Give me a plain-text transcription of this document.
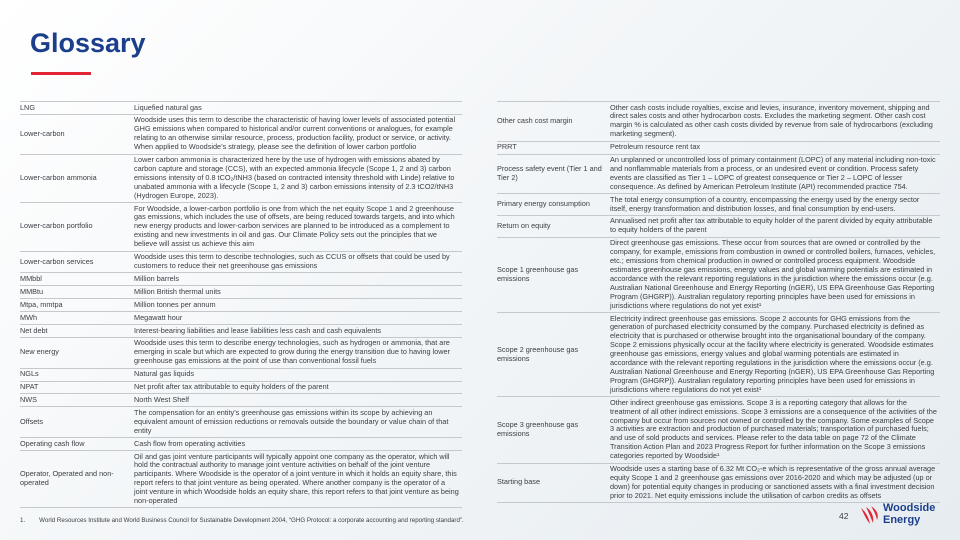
Glossary
LNG	Liquefied natural gas
Lower-carbon	Woodside uses this term to describe the characteristic of having lower levels of associated potential GHG emissions when compared to historical and/or current conventions or analogues, for example relating to an otherwise similar resource, process, production facility, product or service, or activity. When applied to Woodside’s strategy, please see the definition of lower carbon portfolio
Lower-carbon ammonia	Lower carbon ammonia is characterized here by the use of hydrogen with emissions abated by carbon capture and storage (CCS), with an expected ammonia lifecycle (Scope 1, 2 and 3) carbon emissions intensity of 0.8 tCO₂/tNH3 (based on contracted intensity threshold with Linde) relative to unabated ammonia with a lifecycle (Scope 1, 2 and 3) carbon emissions intensity of 2.3 tCO2/tNH3 (Hydrogen Europe, 2023).
Lower-carbon portfolio	For Woodside, a lower-carbon portfolio is one from which the net equity Scope 1 and 2 greenhouse gas emissions, which includes the use of offsets, are being reduced towards targets, and into which new energy products and lower-carbon services are planned to be introduced as a complement to existing and new investments in oil and gas. Our Climate Policy sets out the principles that we believe will assist us achieve this aim
Lower-carbon services	Woodside uses this term to describe technologies, such as CCUS or offsets that could be used by customers to reduce their net greenhouse gas emissions
MMbbl	Million barrels
MMBtu	Million British thermal units
Mtpa, mmtpa	Million tonnes per annum
MWh	Megawatt hour
Net debt	Interest-bearing liabilities and lease liabilities less cash and cash equivalents
New energy	Woodside uses this term to describe energy technologies, such as hydrogen or ammonia, that are emerging in scale but which are expected to grow during the energy transition due to having lower greenhouse gas emissions at the point of use than conventional fossil fuels
NGLs	Natural gas liquids
NPAT	Net profit after tax attributable to equity holders of the parent
NWS	North West Shelf
Offsets	The compensation for an entity’s greenhouse gas emissions within its scope by achieving an equivalent amount of emission reductions or removals outside the boundary or value chain of that entity
Operating cash flow	Cash flow from operating activities
Operator, Operated and non-operated	Oil and gas joint venture participants will typically appoint one company as the operator, which will hold the contractual authority to manage joint venture activities on behalf of the joint venture participants. Where Woodside is the operator of a joint venture in which it holds an equity share, this report refers to that joint venture as being operated. Where another company is the operator of a joint venture in which Woodside holds an equity share, this report refers to that joint venture as being non-operated
Other cash cost margin	Other cash costs include royalties, excise and levies, insurance, inventory movement, shipping and direct sales costs and other hydrocarbon costs. Excludes the marketing segment. Other cash cost margin % is calculated as other cash costs divided by revenue from sale of hydrocarbons (excluding marketing segment).
PRRT	Petroleum resource rent tax
Process safety event (Tier 1 and Tier 2)	An unplanned or uncontrolled loss of primary containment (LOPC) of any material including non-toxic and nonflammable materials from a process, or an undesired event or condition. Process safety events are classified as Tier 1 – LOPC of greatest consequence or Tier 2 – LOPC of lesser consequence. As defined by American Petroleum Institute (API) recommended practice 754.
Primary energy consumption	The total energy consumption of a country, encompassing the energy used by the energy sector itself, energy transformation and distribution losses, and final consumption by end-users.
Return on equity	Annualised net profit after tax attributable to equity holder of the parent divided by equity attributable to equity holders of the parent
Scope 1 greenhouse gas emissions	Direct greenhouse gas emissions. These occur from sources that are owned or controlled by the company, for example, emissions from combustion in owned or controlled boilers, furnaces, vehicles, etc.; emissions from chemical production in owned or controlled process equipment. Woodside estimates greenhouse gas emissions, energy values and global warming potentials are estimated in accordance with the relevant reporting regulations in the jurisdiction where the emissions occur (e.g. Australian National Greenhouse and Energy Reporting (nGER), US EPA Greenhouse Gas Reporting Program (GHGRP)). Australian regulatory reporting principles have been used for emissions in jurisdictions where regulations do not yet exist¹
Scope 2 greenhouse gas emissions	Electricity indirect greenhouse gas emissions. Scope 2 accounts for GHG emissions from the generation of purchased electricity consumed by the company. Purchased electricity is defined as electricity that is purchased or otherwise brought into the organisational boundary of the company. Scope 2 emissions physically occur at the facility where electricity is generated. Woodside estimates greenhouse gas emissions, energy values and global warming potentials are estimated in accordance with the relevant reporting regulations in the jurisdiction where the emissions occur (e.g. Australian National Greenhouse and Energy Reporting (nGER), US EPA Greenhouse Gas Reporting Program (GHGRP)). Australian regulatory reporting principles have been used for emissions in jurisdictions where regulations do not yet exist¹
Scope 3 greenhouse gas emissions	Other indirect greenhouse gas emissions. Scope 3 is a reporting category that allows for the treatment of all other indirect emissions. Scope 3 emissions are a consequence of the activities of the company but occur from sources not owned or controlled by the company. Some examples of Scope 3 activities are extraction and production of purchased materials; transportation of purchased fuels; and use of sold products and services. Please refer to the data table on page 72 of the Climate Transition Action Plan and 2023 Progress Report for further information on the Scope 3 emissions categories reported by Woodside¹
Starting base	Woodside uses a starting base of 6.32 Mt CO₂-e which is representative of the gross annual average equity Scope 1 and 2 greenhouse gas emissions over 2016-2020 and which may be adjusted (up or down) for potential equity changes in producing or sanctioned assets with a final investment decision prior to 2021. Net equity emissions include the utilisation of carbon credits as offsets
1. World Resources Institute and World Business Council for Sustainable Development 2004, “GHG Protocol: a corporate accounting and reporting standard”.	42
Woodside
Energy
